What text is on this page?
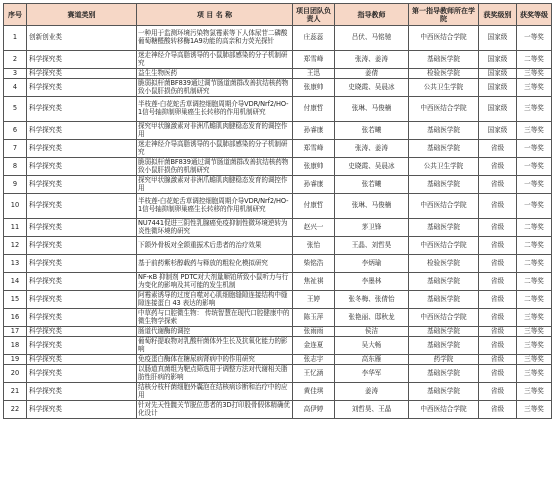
序号	赛道类别	项 目 名 称	项目团队负责人	指导教师	第一指导教师所在学院	获奖级别	获奖等级
1	创新创业类	一种用于监测环境污染物氯霉素等下人体尿苷二磷酸葡萄糖醛酸转移酶1A9功能的高亲和力荧光探针	庄蕊蕊	吕伏、马铭驰	中西医结合学院	国家级	一等奖
2	科学探究类	迷走神经介导高脂诱导的小鼠肺部感染的分子机制研究	郑雪峰	张涛、姜涛	基础医学院	国家级	二等奖
3	科学探究类	益生生物医药	王迅	姜倩	检验医学院	国家级	三等奖
4	科学探究类	脆弱拟杆菌BF839通过调节肠道菌群改善抗结核药物致小鼠肝损伤的机制研究	张康帅	史晓霞、吴晨冰	公共卫生学院	国家级	三等奖
5	科学探究类	半枝莲-白花蛇舌草调控细胞周期介导VDR/Nrf2/HO-1信号轴抑制卵巢癌生长转移的作用机制研究	付康哲	张琳、马俊楠	中西医结合学院	国家级	三等奖
6	科学探究类	探究甲状腺激素对非洲爪蟾肌肉腱稳态发育的调控作用	孙睿康	张若曦	基础医学院	国家级	三等奖
7	科学探究类	迷走神经介导高脂诱导的小鼠肺部感染的分子机制研究	郑雪峰	张涛、姜涛	基础医学院	省级	一等奖
8	科学探究类	脆弱拟杆菌BF839通过调节肠道菌群改善抗结核药物致小鼠肝损伤的机制研究	张康帅	史晓霞、吴晨冰	公共卫生学院	省级	一等奖
9	科学探究类	探究甲状腺激素对非洲爪蟾肌肉腱稳态发育的调控作用	孙睿康	张若曦	基础医学院	省级	一等奖
10	科学探究类	半枝莲-白花蛇舌草调控细胞周期介导VDR/Nrf2/HO-1信号轴抑制卵巢癌生长转移的作用机制研究	付康哲	张琳、马俊楠	中西医结合学院	省级	一等奖
11	科学探究类	NU7441促进三阴性乳腺癌免疫抑制性微环境逆转为炎性微环境的研究	赵兴一	茅卫锋	基础医学院	省级	二等奖
12	科学探究类	下颌外骨板对全颌重振术后患者的治疗效果	张怡	王晶、刘哲昊	中西医结合学院	省级	二等奖
13	科学探究类	基于前药紫杉醇载药与释放的粗粒化模拟研究	柴铭浩	李炳瑜	检验医学院	省级	二等奖
14	科学探究类	NF-κB 抑制剂 PDTC对大剂量顺铂所致小鼠听力与行为变化的影响及其可能的发生机制	焦祉祺	李墨林	基础医学院	省级	二等奖
15	科学探究类	阿霉素诱导的过度自噬对心肌细胞缝隙连接结构中缝隙连接蛋白 43 表达的影响	王婷	张冬梅、张倩怡	基础医学院	省级	二等奖
16	科学探究类	中草药与口腔微生物： 传统智慧在现代口腔健康中的微生物学探索	陈玉萍	张艳丽、邸秋龙	中西医结合学院	省级	三等奖
17	科学探究类	肠道代谢酶的调控	张雨雨	侯洁	基础医学院	省级	三等奖
18	科学探究类	葡萄籽提取物对乳酸杆菌体外生长及抗氧化能力的影响	金连夏	吴大畅	基础医学院	省级	三等奖
19	科学探究类	免疫蛋白酶体在糖尿病肾病中的作用研究	张志宇	高东雁	药学院	省级	三等奖
20	科学探究类	以肠道真菌组为靶点筛选用于调整方法对代谢相关脂肪性肝病的影响	王忆涵	李华军	基础医学院	省级	三等奖
21	科学探究类	结核分枝杆菌细胞外囊泡在结核病诊断和治疗中的应用	黄佳琪	姜涛	基础医学院	省级	三等奖
22	科学探究类	针对先天性髋关节脱位患者的3D打印股骨假体精确优化设计	高伊婷	刘哲昊、王晶	中西医结合学院	省级	三等奖
